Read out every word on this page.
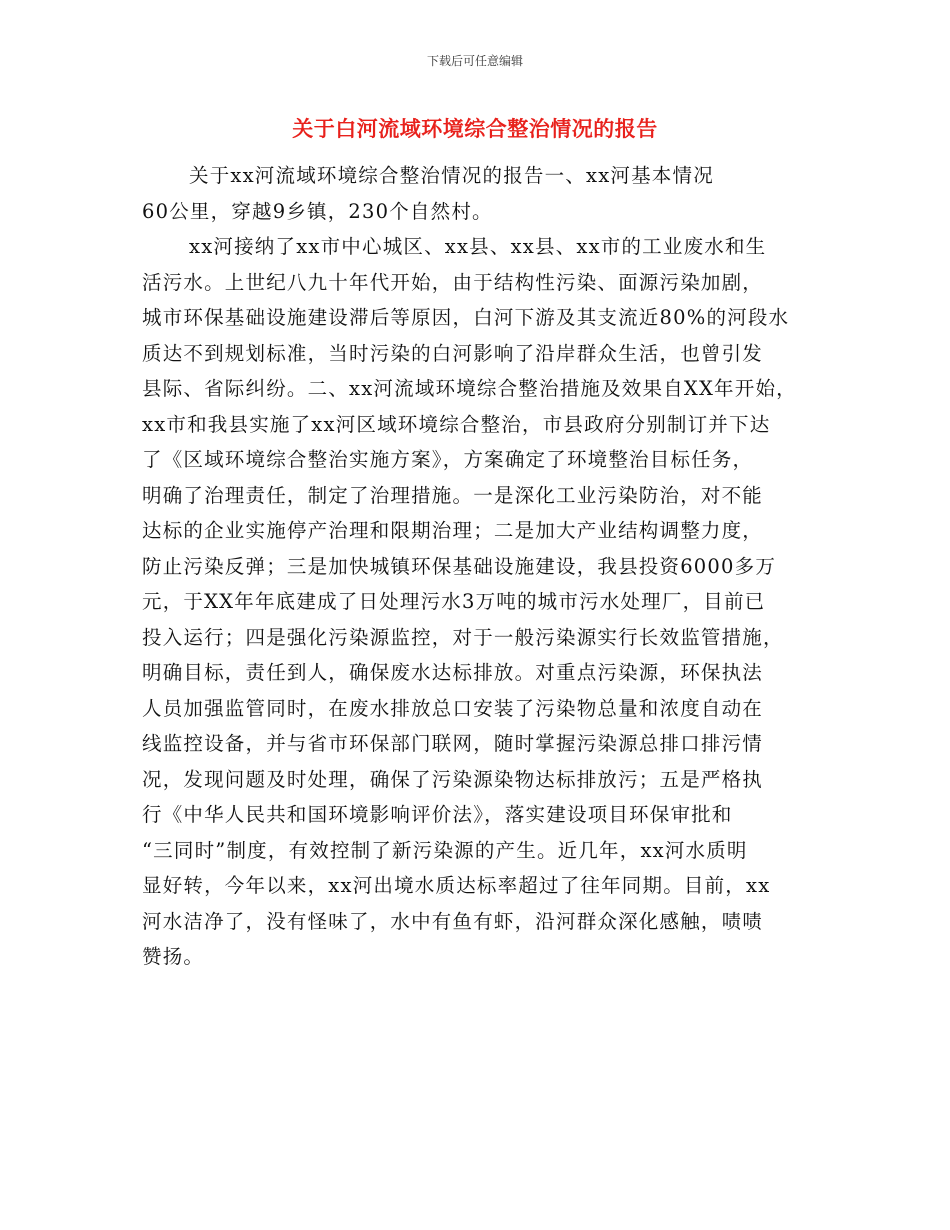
下载后可任意编辑
关于白河流域环境综合整治情况的报告
关于xx河流域环境综合整治情况的报告一、xx河基本情况
60公里，穿越9乡镇，230个自然村。
xx河接纳了xx市中心城区、xx县、xx县、xx市的工业废水和生
活污水。上世纪八九十年代开始，由于结构性污染、面源污染加剧，
城市环保基础设施建设滞后等原因，白河下游及其支流近80%的河段水
质达不到规划标准，当时污染的白河影响了沿岸群众生活，也曾引发
县际、省际纠纷。二、xx河流域环境综合整治措施及效果自XX年开始，
xx市和我县实施了xx河区域环境综合整治，市县政府分别制订并下达
了《区域环境综合整治实施方案》，方案确定了环境整治目标任务，
明确了治理责任，制定了治理措施。一是深化工业污染防治，对不能
达标的企业实施停产治理和限期治理；二是加大产业结构调整力度，
防止污染反弹；三是加快城镇环保基础设施建设，我县投资6000多万
元，于XX年年底建成了日处理污水3万吨的城市污水处理厂，目前已
投入运行；四是强化污染源监控，对于一般污染源实行长效监管措施，
明确目标，责任到人，确保废水达标排放。对重点污染源，环保执法
人员加强监管同时，在废水排放总口安装了污染物总量和浓度自动在
线监控设备，并与省市环保部门联网，随时掌握污染源总排口排污情
况，发现问题及时处理，确保了污染源染物达标排放污；五是严格执
行《中华人民共和国环境影响评价法》，落实建设项目环保审批和
“三同时”制度，有效控制了新污染源的产生。近几年，xx河水质明
显好转，今年以来，xx河出境水质达标率超过了往年同期。目前，xx
河水洁净了，没有怪味了，水中有鱼有虾，沿河群众深化感触，啧啧
赞扬。
